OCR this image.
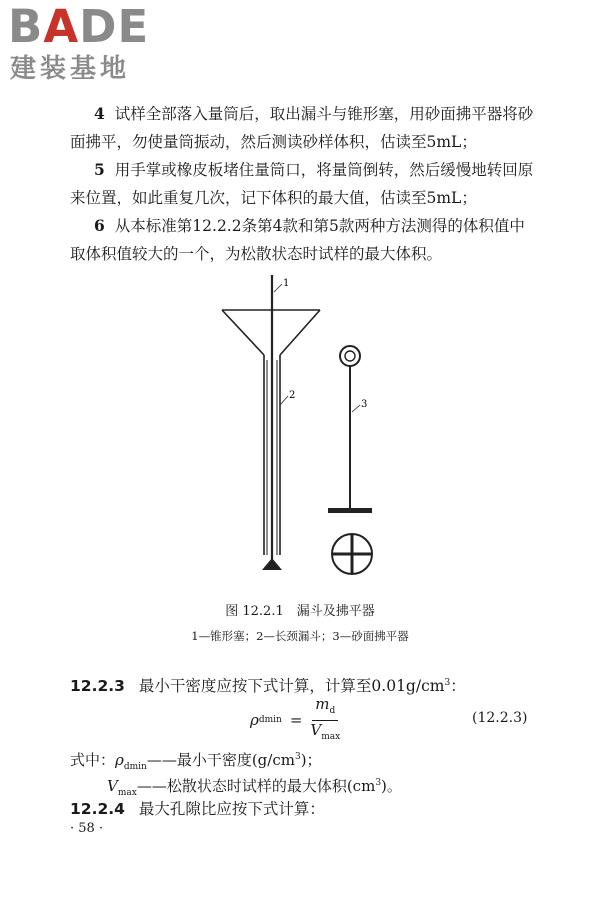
BADE
建装基地

4 试样全部落入量筒后，取出漏斗与锥形塞，用砂面拂平器将砂面拂平，勿使量筒振动，然后测读砂样体积，估读至5mL；

5 用手掌或橡皮板堵住量筒口，将量筒倒转，然后缓慢地转回原来位置，如此重复几次，记下体积的最大值，估读至5mL；

6 从本标准第12.2.2条第4款和第5款两种方法测得的体积值中取体积值较大的一个，为松散状态时试样的最大体积。

1
2
3
图 12.2.1　漏斗及拂平器
1—锥形塞；2—长颈漏斗；3—砂面拂平器
12.2.3 最小干密度应按下式计算，计算至$0.01g/cm^3$：
ρ $dmin = \frac{m_d}{V_{max}}$	(12.2.3)
式中：$\rho_{dmin}——$最小干密度$(g/cm^3)$；
$V_{max}——$松散状态时试样的最大体积$(cm^3)$。
12.2.4 最大孔隙比应按下式计算：
· 58 ·
